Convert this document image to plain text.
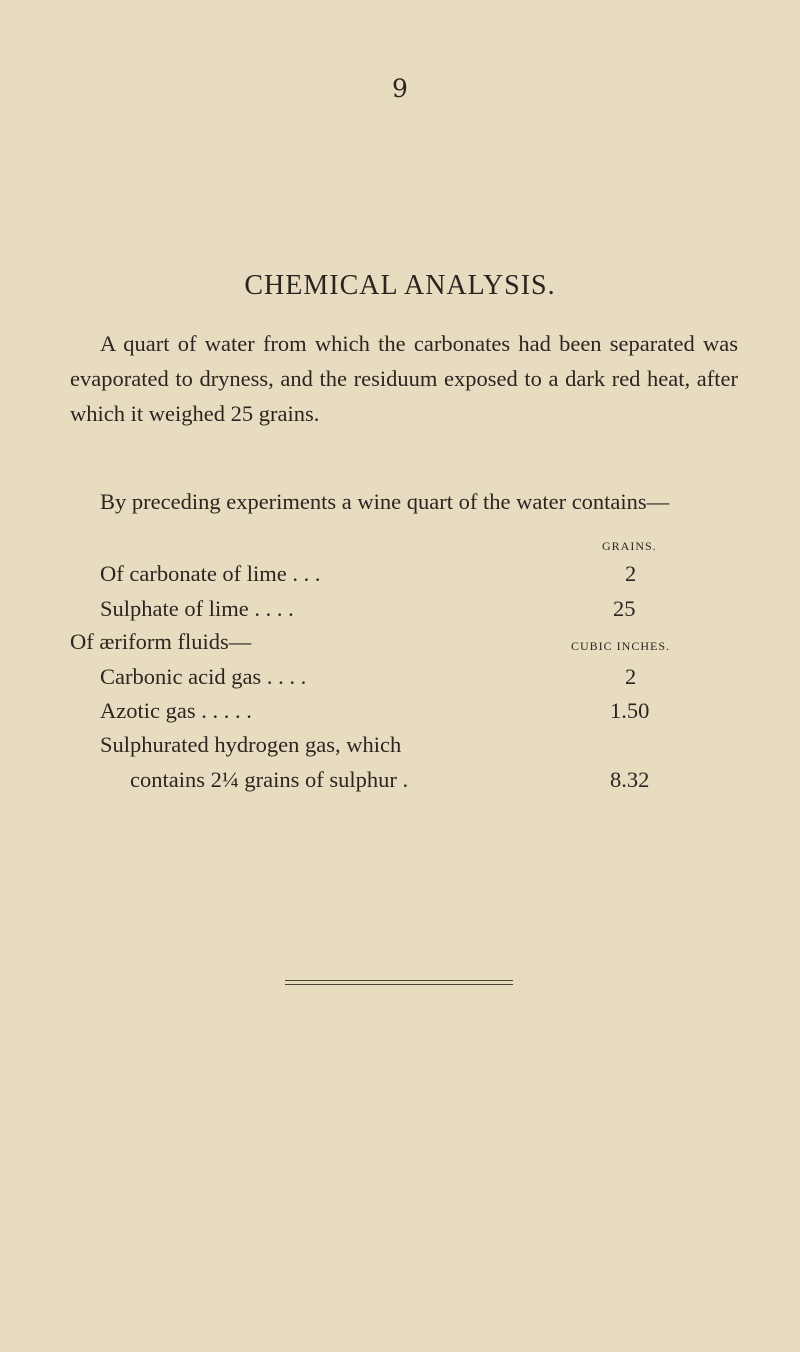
9
CHEMICAL ANALYSIS.
A quart of water from which the carbonates had been separated was evaporated to dryness, and the residuum exposed to a dark red heat, after which it weighed 25 grains.
By preceding experiments a wine quart of the water contains—
GRAINS.
Of carbonate of lime . . .	2
Sulphate of lime . . . .	25
Of æriform fluids—	CUBIC INCHES.
Carbonic acid gas . . . .	2
Azotic gas . . . . .	1.50
Sulphurated hydrogen gas, which
contains 2¼ grains of sulphur .	8.32
